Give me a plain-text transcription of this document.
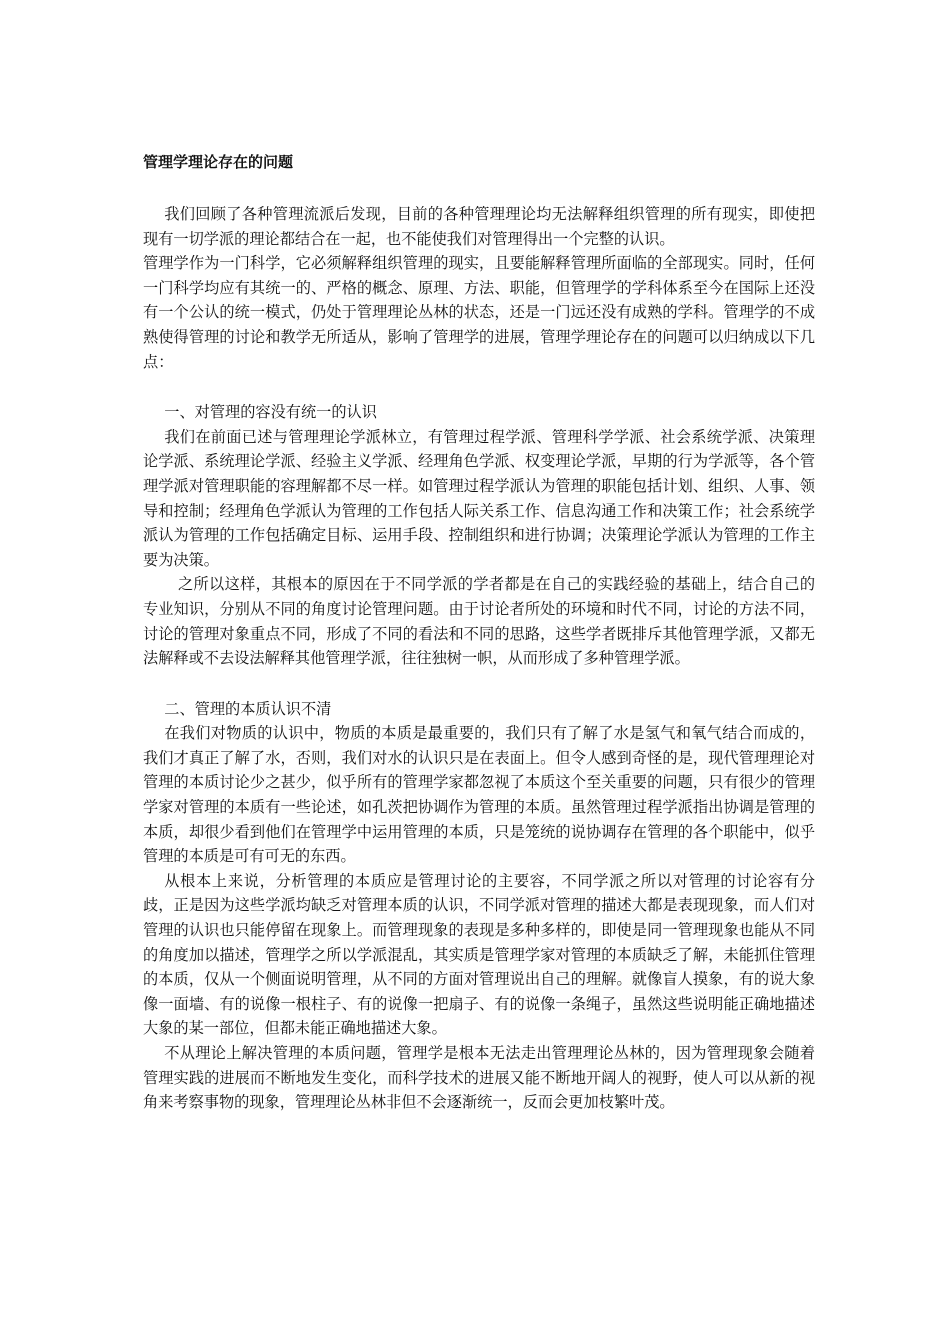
管理学理论存在的问题

我们回顾了各种管理流派后发现，目前的各种管理理论均无法解释组织管理的所有现实，即使把现有一切学派的理论都结合在一起，也不能使我们对管理得出一个完整的认识。

管理学作为一门科学，它必须解释组织管理的现实，且要能解释管理所面临的全部现实。同时，任何一门科学均应有其统一的、严格的概念、原理、方法、职能，但管理学的学科体系至今在国际上还没有一个公认的统一模式，仍处于管理理论丛林的状态，还是一门远还没有成熟的学科。管理学的不成熟使得管理的讨论和教学无所适从，影响了管理学的进展，管理学理论存在的问题可以归纳成以下几点：

一、对管理的容没有统一的认识

我们在前面已述与管理理论学派林立，有管理过程学派、管理科学学派、社会系统学派、决策理论学派、系统理论学派、经验主义学派、经理角色学派、权变理论学派，早期的行为学派等，各个管理学派对管理职能的容理解都不尽一样。如管理过程学派认为管理的职能包括计划、组织、人事、领导和控制；经理角色学派认为管理的工作包括人际关系工作、信息沟通工作和决策工作；社会系统学派认为管理的工作包括确定目标、运用手段、控制组织和进行协调；决策理论学派认为管理的工作主要为决策。

之所以这样，其根本的原因在于不同学派的学者都是在自己的实践经验的基础上，结合自己的专业知识，分别从不同的角度讨论管理问题。由于讨论者所处的环境和时代不同，讨论的方法不同，讨论的管理对象重点不同，形成了不同的看法和不同的思路，这些学者既排斥其他管理学派，又都无法解释或不去设法解释其他管理学派，往往独树一帜，从而形成了多种管理学派。

二、管理的本质认识不清

在我们对物质的认识中，物质的本质是最重要的，我们只有了解了水是氢气和氧气结合而成的，我们才真正了解了水，否则，我们对水的认识只是在表面上。但令人感到奇怪的是，现代管理理论对管理的本质讨论少之甚少，似乎所有的管理学家都忽视了本质这个至关重要的问题，只有很少的管理学家对管理的本质有一些论述，如孔茨把协调作为管理的本质。虽然管理过程学派指出协调是管理的本质，却很少看到他们在管理学中运用管理的本质，只是笼统的说协调存在管理的各个职能中，似乎管理的本质是可有可无的东西。

从根本上来说，分析管理的本质应是管理讨论的主要容，不同学派之所以对管理的讨论容有分歧，正是因为这些学派均缺乏对管理本质的认识，不同学派对管理的描述大都是表现现象，而人们对管理的认识也只能停留在现象上。而管理现象的表现是多种多样的，即使是同一管理现象也能从不同的角度加以描述，管理学之所以学派混乱，其实质是管理学家对管理的本质缺乏了解，未能抓住管理的本质，仅从一个侧面说明管理，从不同的方面对管理说出自己的理解。就像盲人摸象，有的说大象像一面墙、有的说像一根柱子、有的说像一把扇子、有的说像一条绳子，虽然这些说明能正确地描述大象的某一部位，但都未能正确地描述大象。

不从理论上解决管理的本质问题，管理学是根本无法走出管理理论丛林的，因为管理现象会随着管理实践的进展而不断地发生变化，而科学技术的进展又能不断地开阔人的视野，使人可以从新的视角来考察事物的现象，管理理论丛林非但不会逐渐统一，反而会更加枝繁叶茂。
